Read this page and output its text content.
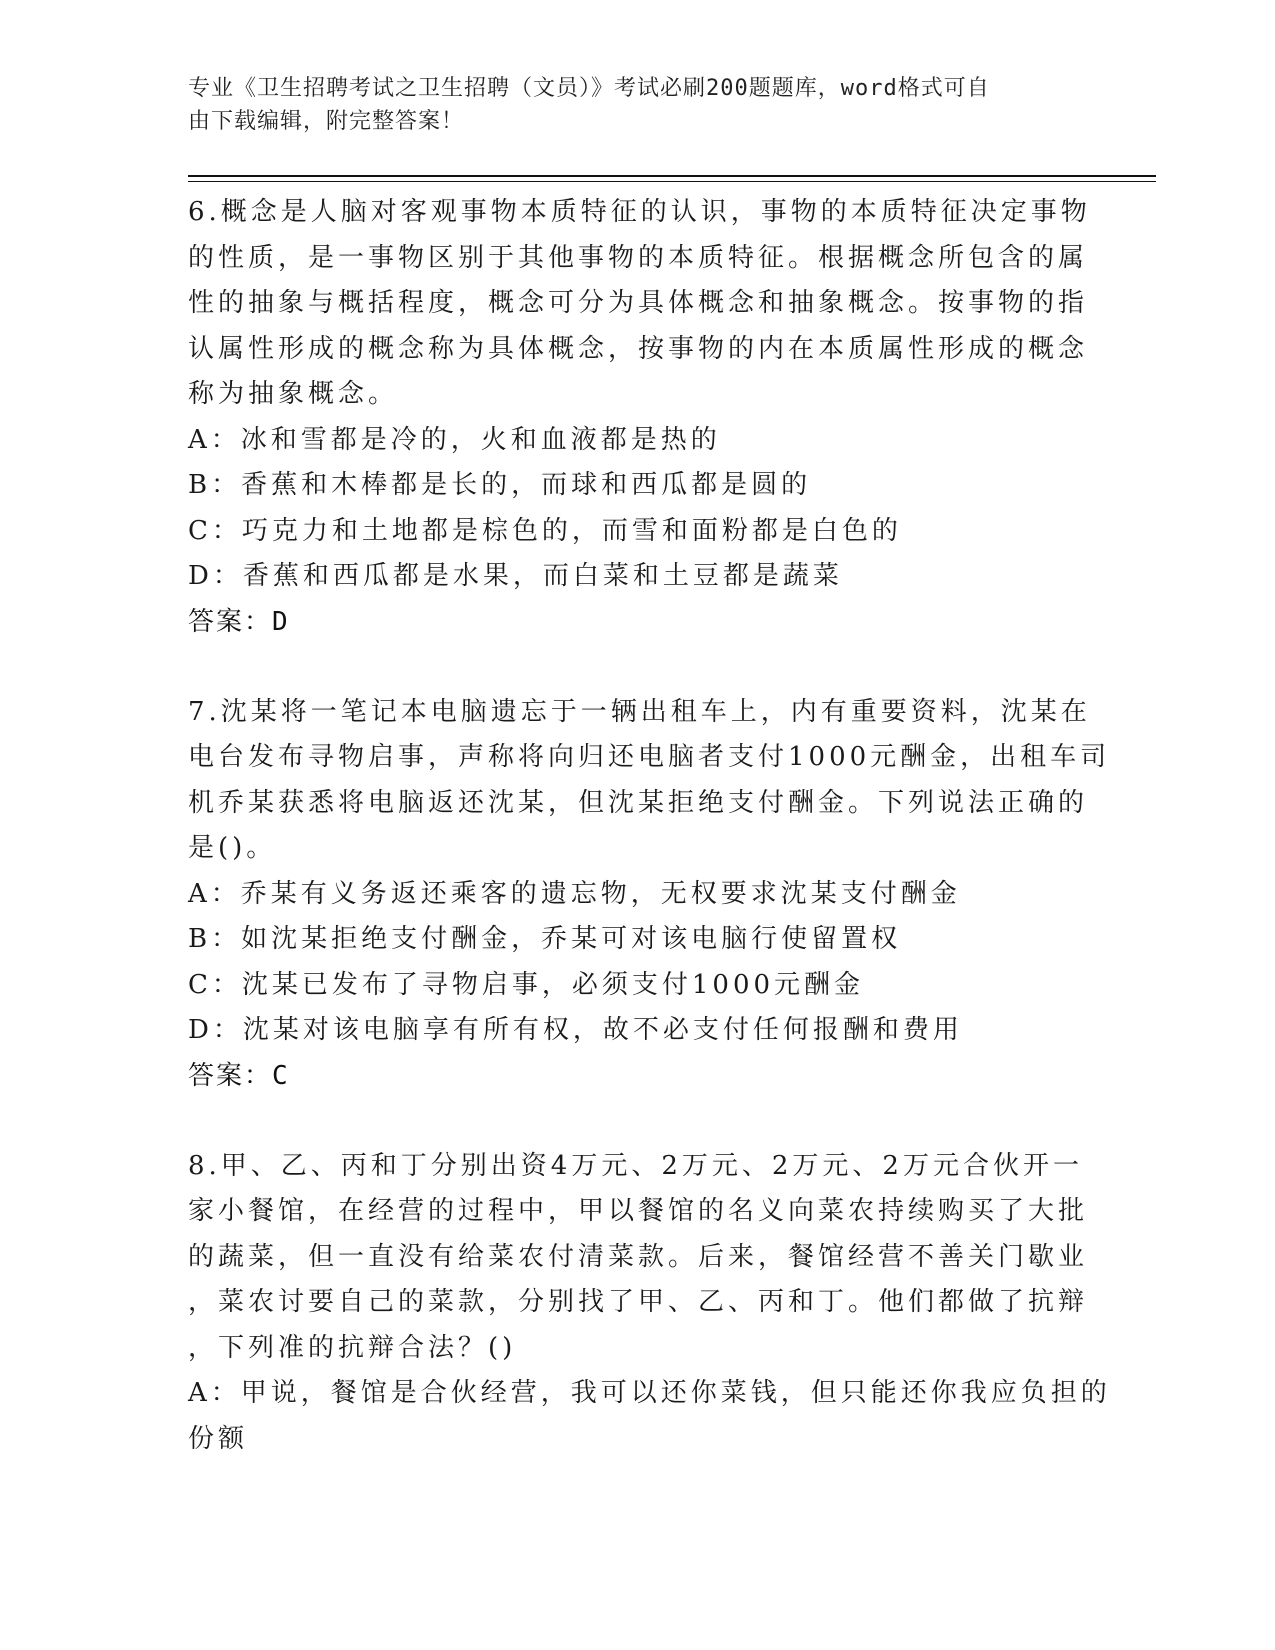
专业《卫生招聘考试之卫生招聘（文员）》考试必刷200题题库，word格式可自
由下载编辑，附完整答案！
6.概念是人脑对客观事物本质特征的认识，事物的本质特征决定事物
的性质，是一事物区别于其他事物的本质特征。根据概念所包含的属
性的抽象与概括程度，概念可分为具体概念和抽象概念。按事物的指
认属性形成的概念称为具体概念，按事物的内在本质属性形成的概念
称为抽象概念。
A：冰和雪都是冷的，火和血液都是热的
B：香蕉和木棒都是长的，而球和西瓜都是圆的
C：巧克力和土地都是棕色的，而雪和面粉都是白色的
D：香蕉和西瓜都是水果，而白菜和土豆都是蔬菜
答案：D
7.沈某将一笔记本电脑遗忘于一辆出租车上，内有重要资料，沈某在
电台发布寻物启事，声称将向归还电脑者支付1000元酬金，出租车司
机乔某获悉将电脑返还沈某，但沈某拒绝支付酬金。下列说法正确的
是()。
A：乔某有义务返还乘客的遗忘物，无权要求沈某支付酬金
B：如沈某拒绝支付酬金，乔某可对该电脑行使留置权
C：沈某已发布了寻物启事，必须支付1000元酬金
D：沈某对该电脑享有所有权，故不必支付任何报酬和费用
答案：C
8.甲、乙、丙和丁分别出资4万元、2万元、2万元、2万元合伙开一
家小餐馆，在经营的过程中，甲以餐馆的名义向菜农持续购买了大批
的蔬菜，但一直没有给菜农付清菜款。后来，餐馆经营不善关门歇业
，菜农讨要自己的菜款，分别找了甲、乙、丙和丁。他们都做了抗辩
，下列准的抗辩合法？()
A：甲说，餐馆是合伙经营，我可以还你菜钱，但只能还你我应负担的
份额
